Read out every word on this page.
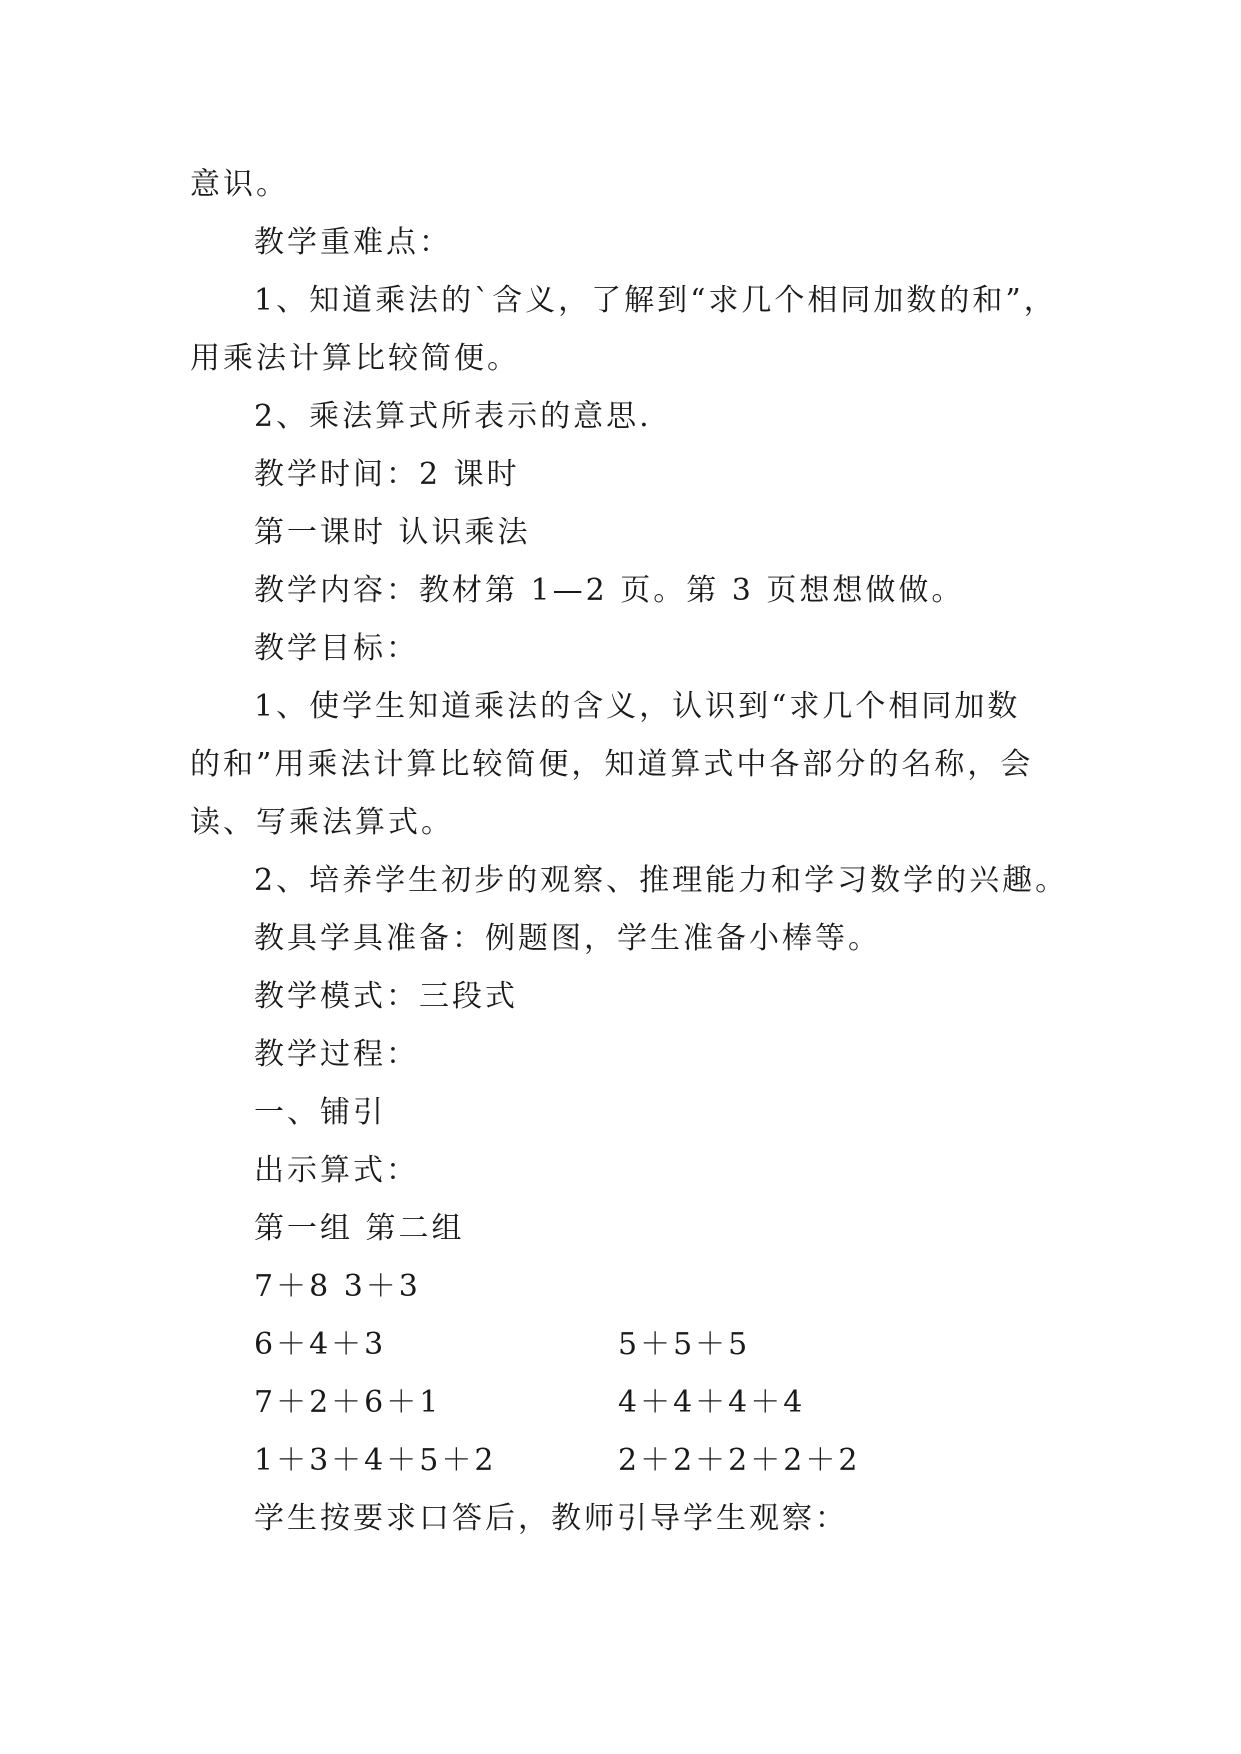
意识。
教学重难点：
1、知道乘法的`含义，了解到“求几个相同加数的和”，
用乘法计算比较简便。
2、乘法算式所表示的意思.
教学时间：2 课时
第一课时 认识乘法
教学内容：教材第 1—2 页。第 3 页想想做做。
教学目标：
1、使学生知道乘法的含义，认识到“求几个相同加数
的和”用乘法计算比较简便，知道算式中各部分的名称，会
读、写乘法算式。
2、培养学生初步的观察、推理能力和学习数学的兴趣。
教具学具准备：例题图，学生准备小棒等。
教学模式：三段式
教学过程：
一、铺引
出示算式：
第一组 第二组
7＋8 3＋3
6＋4＋3	5＋5＋5
7＋2＋6＋1	4＋4＋4＋4
1＋3＋4＋5＋2	2＋2＋2＋2＋2
学生按要求口答后，教师引导学生观察：
